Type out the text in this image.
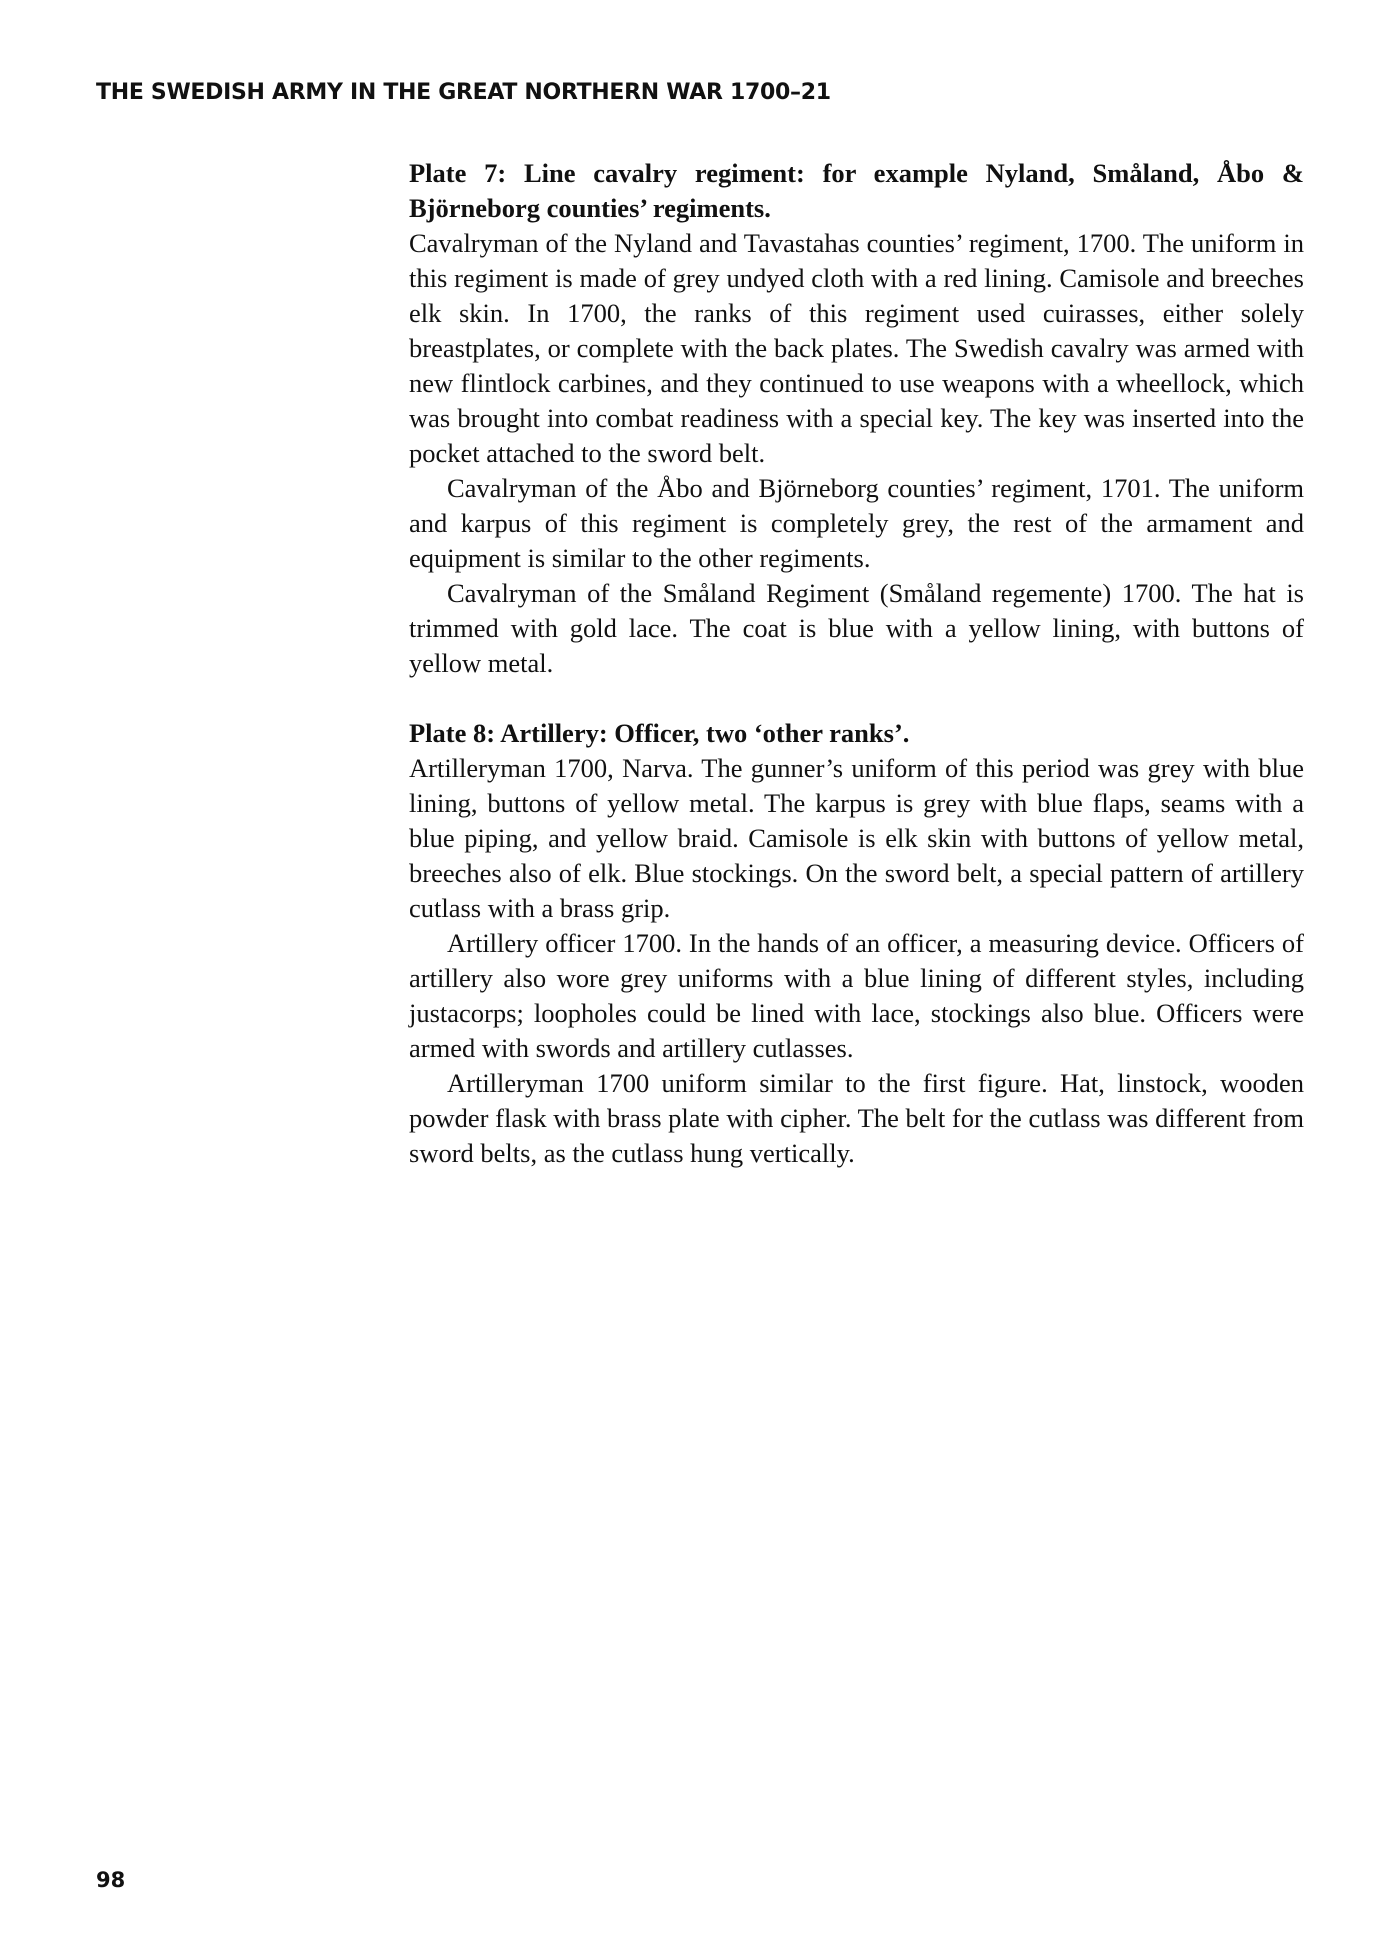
THE SWEDISH ARMY IN THE GREAT NORTHERN WAR 1700–21

Plate 7: Line cavalry regiment: for example Nyland, Småland, Åbo & Björneborg counties’ regiments.

Cavalryman of the Nyland and Tavastahas counties’ regiment, 1700. The uniform in this regiment is made of grey undyed cloth with a red lining. Camisole and breeches elk skin. In 1700, the ranks of this regiment used cuirasses, either solely breastplates, or complete with the back plates. The Swedish cavalry was armed with new flintlock carbines, and they continued to use weapons with a wheellock, which was brought into combat readiness with a special key. The key was inserted into the pocket attached to the sword belt.

Cavalryman of the Åbo and Björneborg counties’ regiment, 1701. The uniform and karpus of this regiment is completely grey, the rest of the armament and equipment is similar to the other regiments.

Cavalryman of the Småland Regiment (Småland regemente) 1700. The hat is trimmed with gold lace. The coat is blue with a yellow lining, with buttons of yellow metal.

Plate 8: Artillery: Officer, two ‘other ranks’.

Artilleryman 1700, Narva. The gunner’s uniform of this period was grey with blue lining, buttons of yellow metal. The karpus is grey with blue flaps, seams with a blue piping, and yellow braid. Camisole is elk skin with buttons of yellow metal, breeches also of elk. Blue stockings. On the sword belt, a special pattern of artillery cutlass with a brass grip.

Artillery officer 1700. In the hands of an officer, a measuring device. Officers of artillery also wore grey uniforms with a blue lining of different styles, including justacorps; loopholes could be lined with lace, stockings also blue. Officers were armed with swords and artillery cutlasses.

Artilleryman 1700 uniform similar to the first figure. Hat, linstock, wooden powder flask with brass plate with cipher. The belt for the cutlass was different from sword belts, as the cutlass hung vertically.

98
